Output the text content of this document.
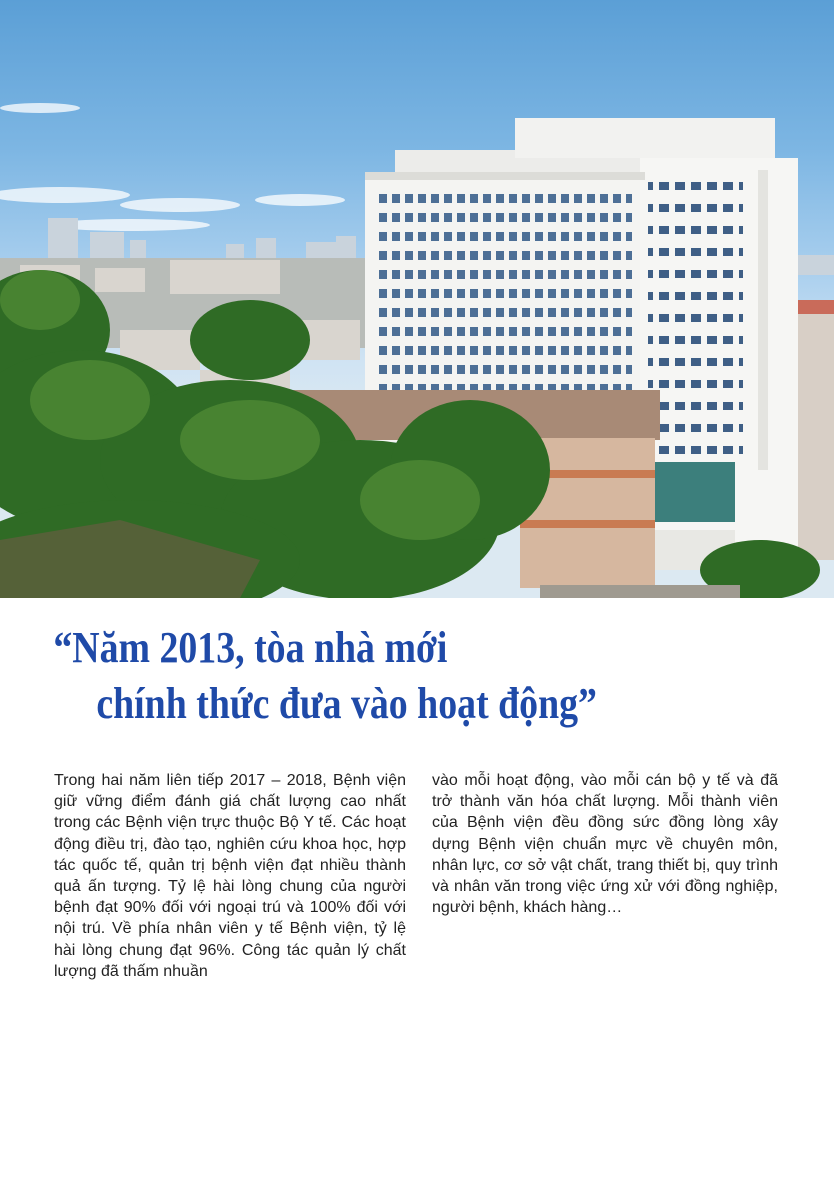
“Năm 2013, tòa nhà mới
chính thức đưa vào hoạt động”

Trong hai năm liên tiếp 2017 – 2018, Bệnh viện giữ vững điểm đánh giá chất lượng cao nhất trong các Bệnh viện trực thuộc Bộ Y tế. Các hoạt động điều trị, đào tạo, nghiên cứu khoa học, hợp tác quốc tế, quản trị bệnh viện đạt nhiều thành quả ấn tượng. Tỷ lệ hài lòng chung của người bệnh đạt 90% đối với ngoại trú và 100% đối với nội trú. Về phía nhân viên y tế Bệnh viện, tỷ lệ hài lòng chung đạt 96%. Công tác quản lý chất lượng đã thấm nhuần

vào mỗi hoạt động, vào mỗi cán bộ y tế và đã trở thành văn hóa chất lượng. Mỗi thành viên của Bệnh viện đều đồng sức đồng lòng xây dựng Bệnh viện chuẩn mực về chuyên môn, nhân lực, cơ sở vật chất, trang thiết bị, quy trình và nhân văn trong việc ứng xử với đồng nghiệp, người bệnh, khách hàng…
